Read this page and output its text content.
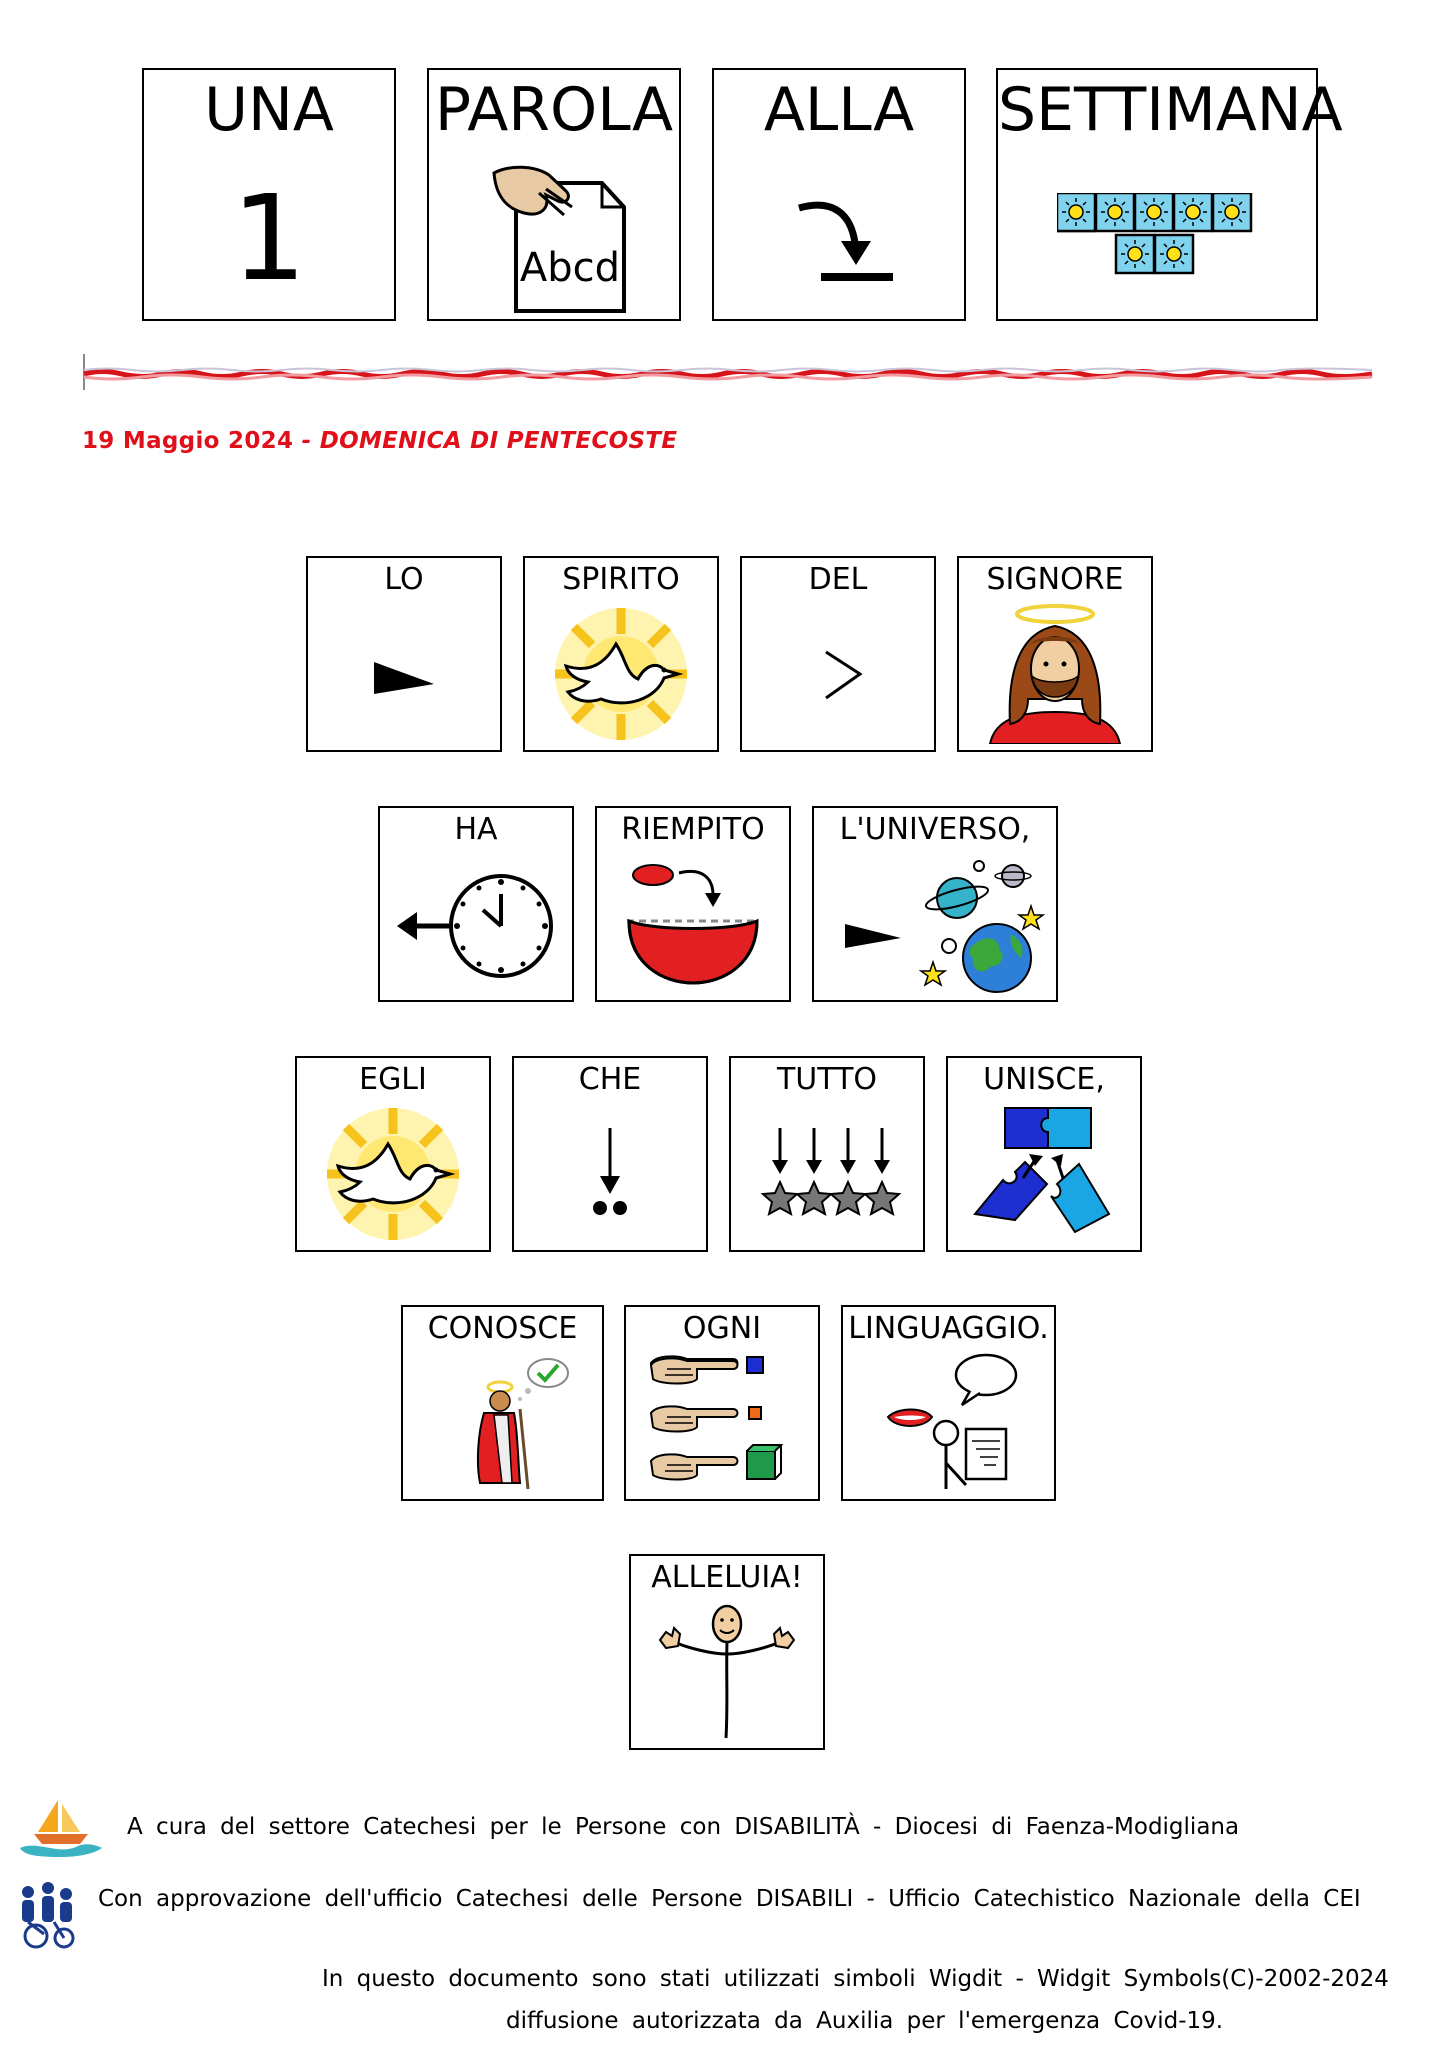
UNA
1
PAROLA
Abcd
ALLA	SETTIMANA
19 Maggio 2024 - DOMENICA DI PENTECOSTE
LO	SPIRITO	DEL	SIGNORE
HA	RIEMPITO	L'UNIVERSO,
EGLI	CHE	TUTTO	UNISCE,
CONOSCE	OGNI	LINGUAGGIO.
ALLELUIA!
A cura del settore Catechesi per le Persone con DISABILITÀ - Diocesi di Faenza-Modigliana
Con approvazione dell'ufficio Catechesi delle Persone DISABILI - Ufficio Catechistico Nazionale della CEI
In questo documento sono stati utilizzati simboli Wigdit - Widgit Symbols(C)-2002-2024
diffusione autorizzata da Auxilia per l'emergenza Covid-19.
